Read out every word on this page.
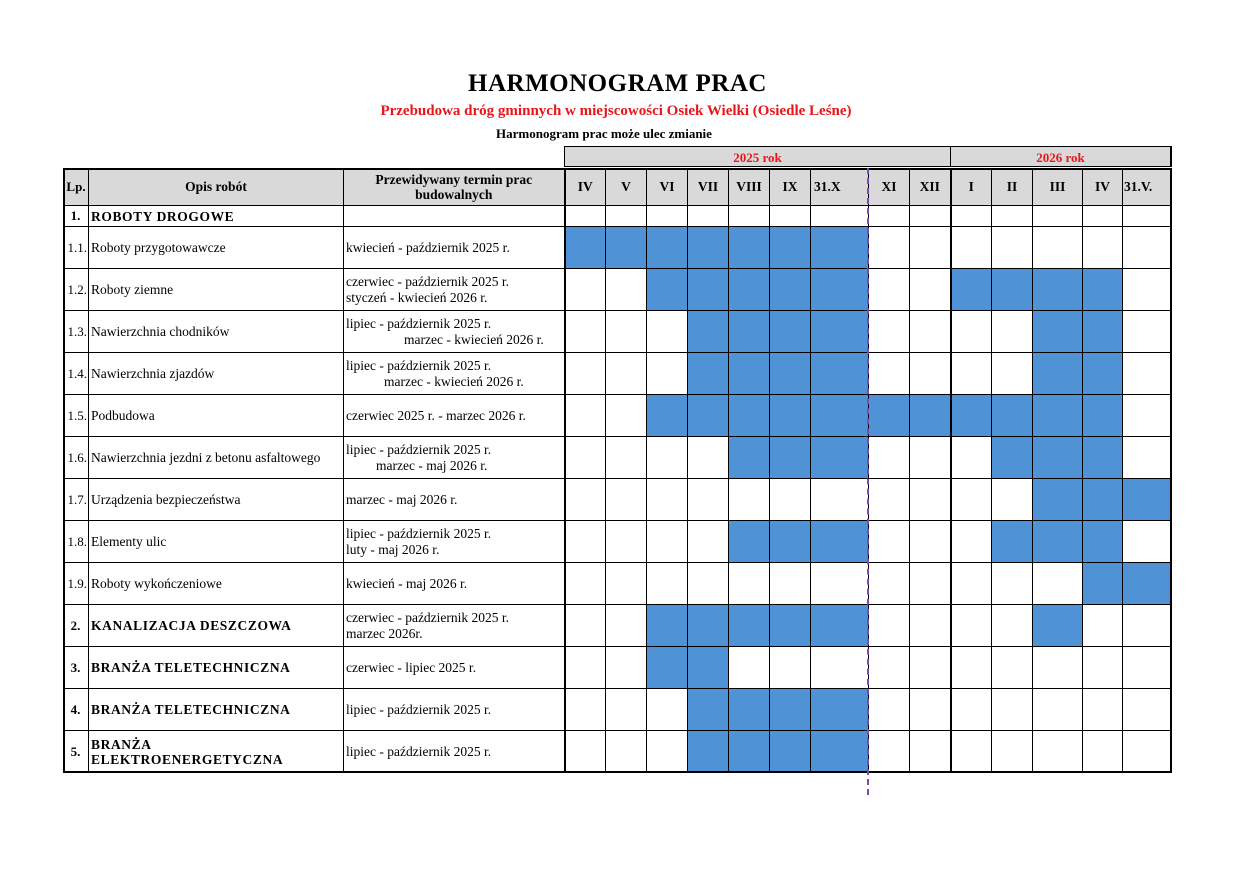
HARMONOGRAM PRAC
Przebudowa dróg gminnych w miejscowości Osiek Wielki (Osiedle Leśne)
Harmonogram prac może ulec zmianie
2025 rok	2026 rok
Lp.	Opis robót	Przewidywany termin prac budowalnych	IV	V	VI	VII	VIII	IX	31.X	XI	XII	I	II	III	IV	31.V.
1.	ROBOTY DROGOWE															
1.1.	Roboty przygotowawcze	kwiecień - październik 2025 r.														

1.2.	Roboty ziemne	czerwiec - październik 2025 r.
styczeń - kwiecień 2026 r.														

1.3.	Nawierzchnia chodników	lipiec - październik 2025 r.
marzec - kwiecień 2026 r.														

1.4.	Nawierzchnia zjazdów	lipiec - październik 2025 r.
marzec - kwiecień 2026 r.														

1.5.	Podbudowa	czerwiec 2025 r. - marzec 2026 r.														

1.6.	Nawierzchnia jezdni z betonu asfaltowego	lipiec - październik 2025 r.
marzec - maj 2026 r.														

1.7.	Urządzenia bezpieczeństwa	marzec - maj 2026 r.														

1.8.	Elementy ulic	lipiec - październik 2025 r.
luty - maj 2026 r.														

1.9.	Roboty wykończeniowe	kwiecień - maj 2026 r.														

2.	KANALIZACJA DESZCZOWA	czerwiec - październik 2025 r.
marzec 2026r.														

3.	BRANŻA TELETECHNICZNA	czerwiec - lipiec 2025 r.														

4.	BRANŻA TELETECHNICZNA	lipiec - październik 2025 r.														

5.	BRANŻA ELEKTROENERGETYCZNA	lipiec - październik 2025 r.														
